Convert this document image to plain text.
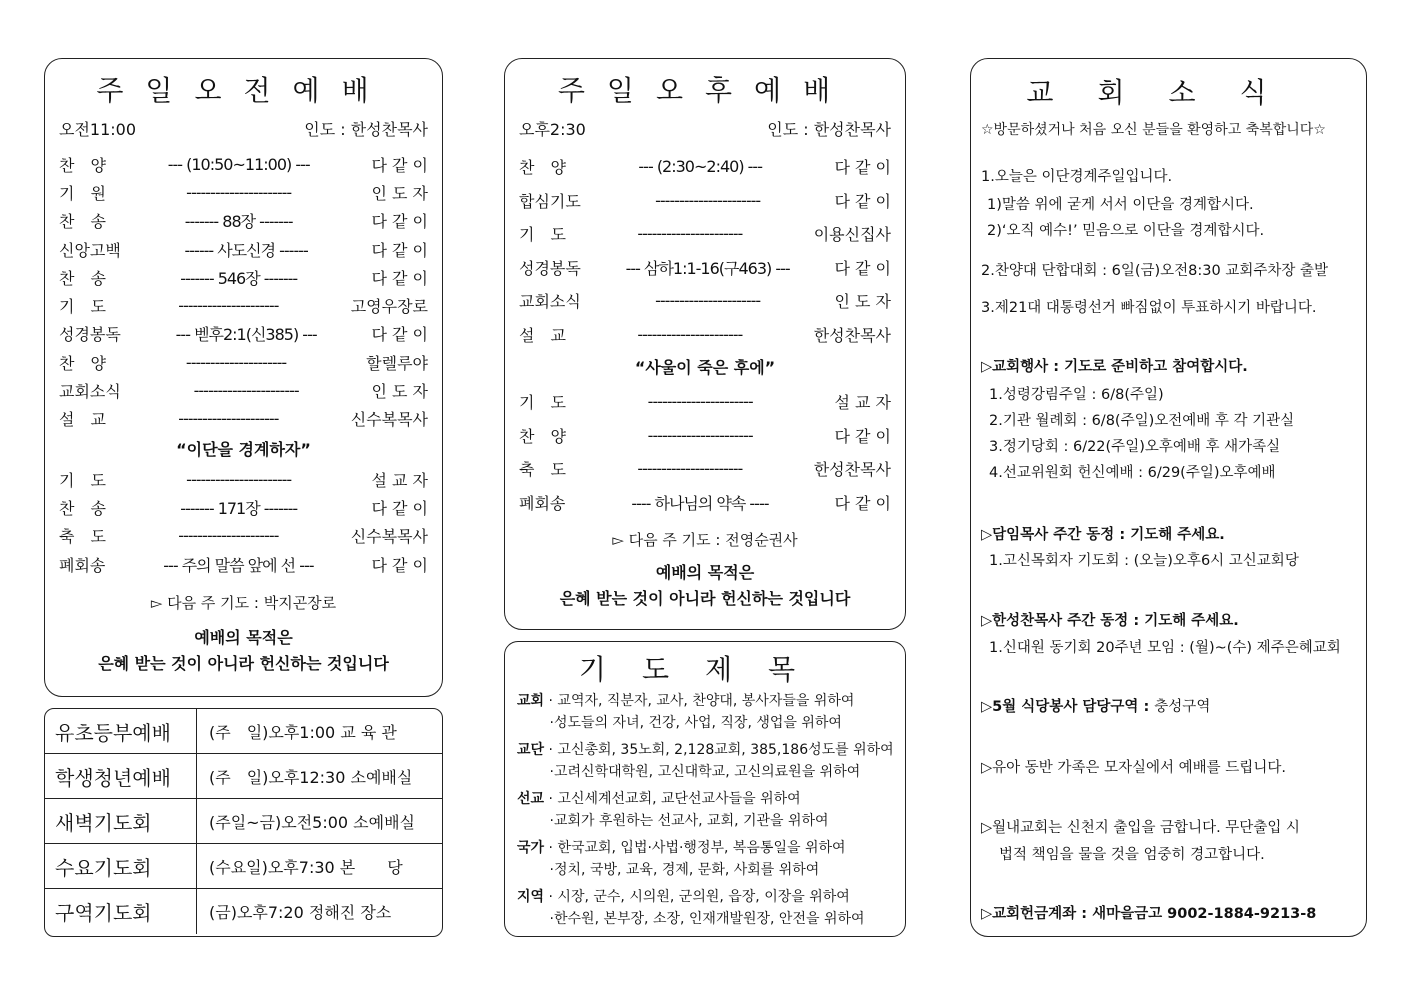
주일오전예배
오전11:00	인도 : 한성찬목사
찬　양	--- (10:50~11:00) ---	다 같 이
기　원	----------------------	인 도 자
찬　송	------- 88장 -------	다 같 이
신앙고백	------ 사도신경 ------	다 같 이
찬　송	------- 546장 -------	다 같 이
기　도	---------------------	고영우장로
성경봉독	--- 벧후2:1(신385) ---	다 같 이
찬　양	---------------------	할렐루야
교회소식	----------------------	인 도 자
설　교	---------------------	신수복목사
“이단을 경계하자”
기　도	----------------------	설 교 자
찬　송	------- 171장 -------	다 같 이
축　도	---------------------	신수복목사
폐회송	--- 주의 말씀 앞에 선 ---	다 같 이
▻ 다음 주 기도 : 박지곤장로
예배의 목적은
은혜 받는 것이 아니라 헌신하는 것입니다
유초등부예배	(주　일)오후1:00 교 육 관
학생청년예배	(주　일)오후12:30 소예배실
새벽기도회	(주일~금)오전5:00 소예배실
수요기도회	(수요일)오후7:30 본　　당
구역기도회	(금)오후7:20 정해진 장소
주일오후예배
오후2:30	인도 : 한성찬목사
찬　양	--- (2:30~2:40) ---	다 같 이
합심기도	----------------------	다 같 이
기　도	----------------------	이용신집사
성경봉독	--- 삼하1:1-16(구463) ---	다 같 이
교회소식	----------------------	인 도 자
설　교	----------------------	한성찬목사
“사울이 죽은 후에”
기　도	----------------------	설 교 자
찬　양	----------------------	다 같 이
축　도	----------------------	한성찬목사
폐회송	---- 하나님의 약속 ----	다 같 이
▻ 다음 주 기도 : 전영순권사
예배의 목적은
은혜 받는 것이 아니라 헌신하는 것입니다
기도제목
교회 · 교역자, 직분자, 교사, 찬양대, 봉사자들을 위하여
·성도들의 자녀, 건강, 사업, 직장, 생업을 위하여
교단 · 고신총회, 35노회, 2,128교회, 385,186성도를 위하여
·고려신학대학원, 고신대학교, 고신의료원을 위하여
선교 · 고신세계선교회, 교단선교사들을 위하여
·교회가 후원하는 선교사, 교회, 기관을 위하여
국가 · 한국교회, 입법·사법·행정부, 복음통일을 위하여
·정치, 국방, 교육, 경제, 문화, 사회를 위하여
지역 · 시장, 군수, 시의원, 군의원, 읍장, 이장을 위하여
·한수원, 본부장, 소장, 인재개발원장, 안전을 위하여
교회소식
☆방문하셨거나 처음 오신 분들을 환영하고 축복합니다☆
1.오늘은 이단경계주일입니다.
1)말씀 위에 굳게 서서 이단을 경계합시다.
2)‘오직 예수!’ 믿음으로 이단을 경계합시다.
2.찬양대 단합대회 : 6일(금)오전8:30 교회주차장 출발
3.제21대 대통령선거 빠짐없이 투표하시기 바랍니다.
▷교회행사 : 기도로 준비하고 참여합시다.
1.성령강림주일 : 6/8(주일)
2.기관 월례회 : 6/8(주일)오전예배 후 각 기관실
3.정기당회 : 6/22(주일)오후예배 후 새가족실
4.선교위원회 헌신예배 : 6/29(주일)오후예배
▷담임목사 주간 동정 : 기도해 주세요.
1.고신목회자 기도회 : (오늘)오후6시 고신교회당
▷한성찬목사 주간 동정 : 기도해 주세요.
1.신대원 동기회 20주년 모임 : (월)~(수) 제주은혜교회
▷5월 식당봉사 담당구역 : 충성구역
▷유아 동반 가족은 모자실에서 예배를 드립니다.
▷월내교회는 신천지 출입을 금합니다. 무단출입 시
법적 책임을 물을 것을 엄중히 경고합니다.
▷교회헌금계좌 : 새마을금고 9002-1884-9213-8
